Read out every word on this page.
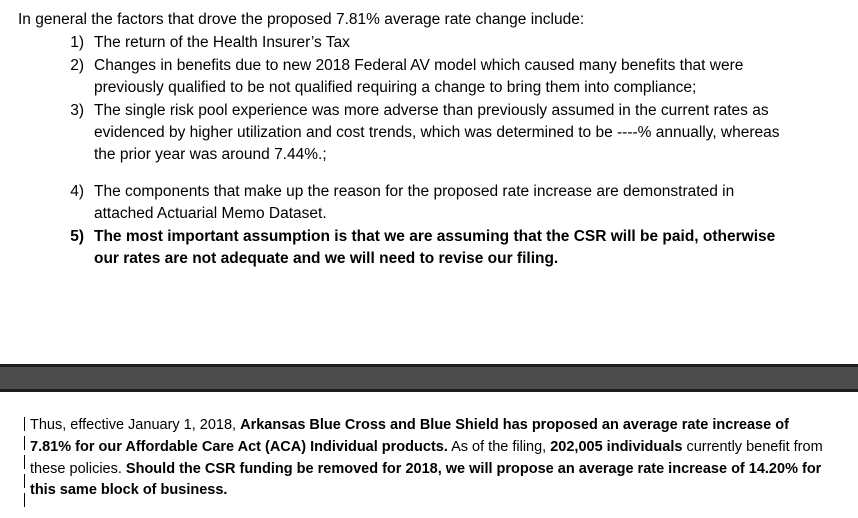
In general the factors that drove the proposed 7.81% average rate change include:

1) The return of the Health Insurer’s Tax
2) Changes in benefits due to new 2018 Federal AV model which caused many benefits that were previously qualified to be not qualified requiring a change to bring them into compliance;
3) The single risk pool experience was more adverse than previously assumed in the current rates as evidenced by higher utilization and cost trends, which was determined to be ----% annually, whereas the prior year was around 7.44%.;
4) The components that make up the reason for the proposed rate increase are demonstrated in attached Actuarial Memo Dataset.
5) The most important assumption is that we are assuming that the CSR will be paid, otherwise our rates are not adequate and we will need to revise our filing.

Thus, effective January 1, 2018, Arkansas Blue Cross and Blue Shield has proposed an average rate increase of 7.81% for our Affordable Care Act (ACA) Individual products. As of the filing, 202,005 individuals currently benefit from these policies. Should the CSR funding be removed for 2018, we will propose an average rate increase of 14.20% for this same block of business.
